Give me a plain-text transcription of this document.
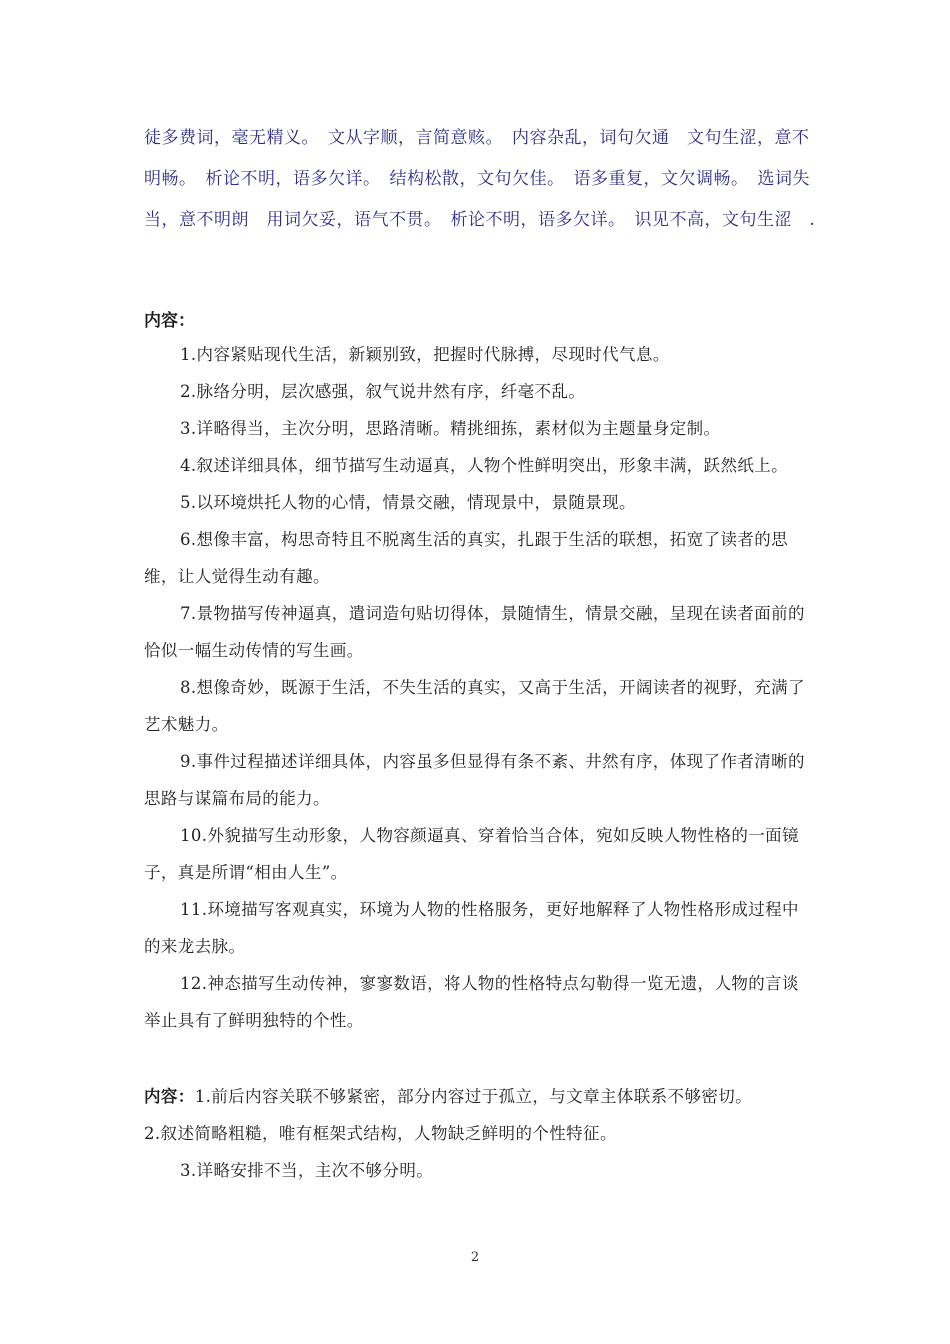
徒多费词，毫无精义。　文从字顺，言简意赅。　内容杂乱，词句欠通　文句生涩，意不明畅。　析论不明，语多欠详。　结构松散，文句欠佳。　语多重复，文欠调畅。　选词失当，意不明朗　用词欠妥，语气不贯。　析论不明，语多欠详。　识见不高，文句生涩　.
内容：

1.内容紧贴现代生活，新颖别致，把握时代脉搏，尽现时代气息。

2.脉络分明，层次感强，叙气说井然有序，纤毫不乱。

3.详略得当，主次分明，思路清晰。精挑细拣，素材似为主题量身定制。

4.叙述详细具体，细节描写生动逼真，人物个性鲜明突出，形象丰满，跃然纸上。

5.以环境烘托人物的心情，情景交融，情现景中，景随景现。

6.想像丰富，构思奇特且不脱离生活的真实，扎跟于生活的联想，拓宽了读者的思维，让人觉得生动有趣。

7.景物描写传神逼真，遣词造句贴切得体，景随情生，情景交融，呈现在读者面前的恰似一幅生动传情的写生画。

8.想像奇妙，既源于生活，不失生活的真实，又高于生活，开阔读者的视野，充满了艺术魅力。

9.事件过程描述详细具体，内容虽多但显得有条不紊、井然有序，体现了作者清晰的思路与谋篇布局的能力。

10.外貌描写生动形象，人物容颜逼真、穿着恰当合体，宛如反映人物性格的一面镜子，真是所谓“相由人生”。

11.环境描写客观真实，环境为人物的性格服务，更好地解释了人物性格形成过程中的来龙去脉。

12.神态描写生动传神，寥寥数语，将人物的性格特点勾勒得一览无遗，人物的言谈举止具有了鲜明独特的个性。

内容：1.前后内容关联不够紧密，部分内容过于孤立，与文章主体联系不够密切。

2.叙述简略粗糙，唯有框架式结构，人物缺乏鲜明的个性特征。

3.详略安排不当，主次不够分明。

2
